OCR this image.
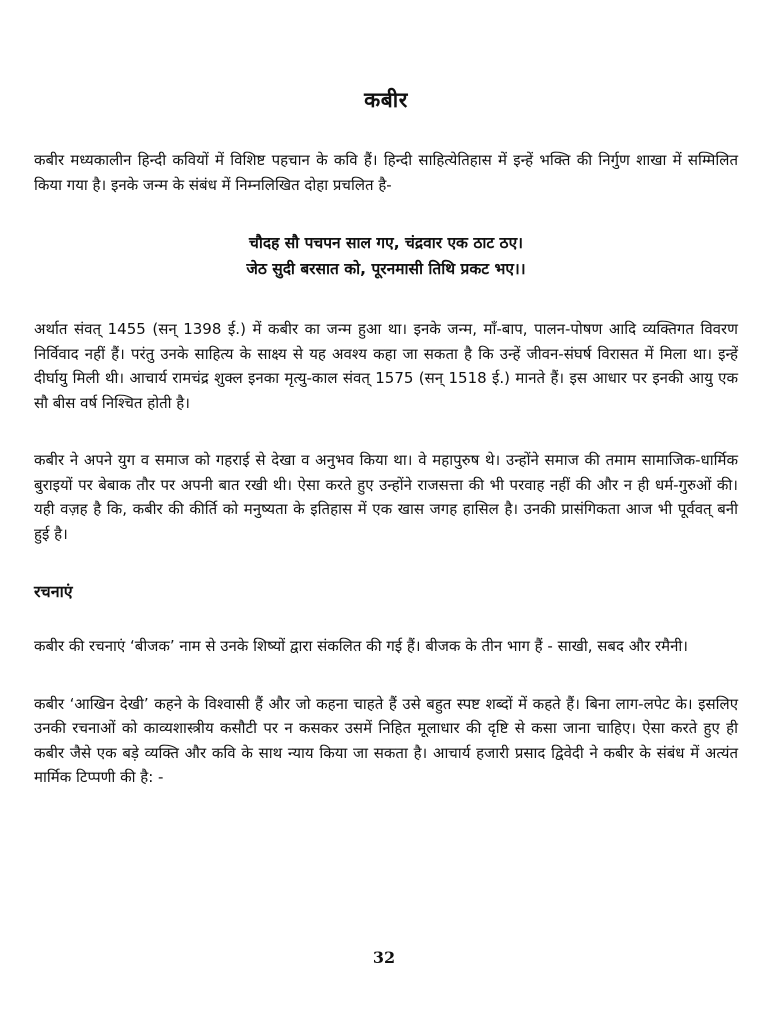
कबीर

कबीर मध्यकालीन हिन्दी कवियों में विशिष्ट पहचान के कवि हैं। हिन्दी साहित्येतिहास में इन्हें भक्ति की निर्गुण शाखा में सम्मिलित किया गया है। इनके जन्म के संबंध में निम्नलिखित दोहा प्रचलित है-

चौदह सौ पचपन साल गए, चंद्रवार एक ठाट ठए।
जेठ सुदी बरसात को, पूरनमासी तिथि प्रकट भए।।

अर्थात संवत् 1455 (सन् 1398 ई.) में कबीर का जन्म हुआ था। इनके जन्म, माँ-बाप, पालन-पोषण आदि व्यक्तिगत विवरण निर्विवाद नहीं हैं। परंतु उनके साहित्य के साक्ष्य से यह अवश्य कहा जा सकता है कि उन्हें जीवन-संघर्ष विरासत में मिला था। इन्हें दीर्घायु मिली थी। आचार्य रामचंद्र शुक्ल इनका मृत्यु-काल संवत् 1575 (सन् 1518 ई.) मानते हैं। इस आधार पर इनकी आयु एक सौ बीस वर्ष निश्चित होती है।

कबीर ने अपने युग व समाज को गहराई से देखा व अनुभव किया था। वे महापुरुष थे। उन्होंने समाज की तमाम सामाजिक-धार्मिक बुराइयों पर बेबाक तौर पर अपनी बात रखी थी। ऐसा करते हुए उन्होंने राजसत्ता की भी परवाह नहीं की और न ही धर्म-गुरुओं की। यही वज़ह है कि, कबीर की कीर्ति को मनुष्यता के इतिहास में एक खास जगह हासिल है। उनकी प्रासंगिकता आज भी पूर्ववत् बनी हुई है।

रचनाएं

कबीर की रचनाएं ‘बीजक’ नाम से उनके शिष्यों द्वारा संकलित की गई हैं। बीजक के तीन भाग हैं - साखी, सबद और रमैनी।

कबीर ‘आखिन देखी’ कहने के विश्वासी हैं और जो कहना चाहते हैं उसे बहुत स्पष्ट शब्दों में कहते हैं। बिना लाग-लपेट के। इसलिए उनकी रचनाओं को काव्यशास्त्रीय कसौटी पर न कसकर उसमें निहित मूलाधार की दृष्टि से कसा जाना चाहिए। ऐसा करते हुए ही कबीर जैसे एक बड़े व्यक्ति और कवि के साथ न्याय किया जा सकता है। आचार्य हजारी प्रसाद द्विवेदी ने कबीर के संबंध में अत्यंत मार्मिक टिप्पणी की है: -

32
